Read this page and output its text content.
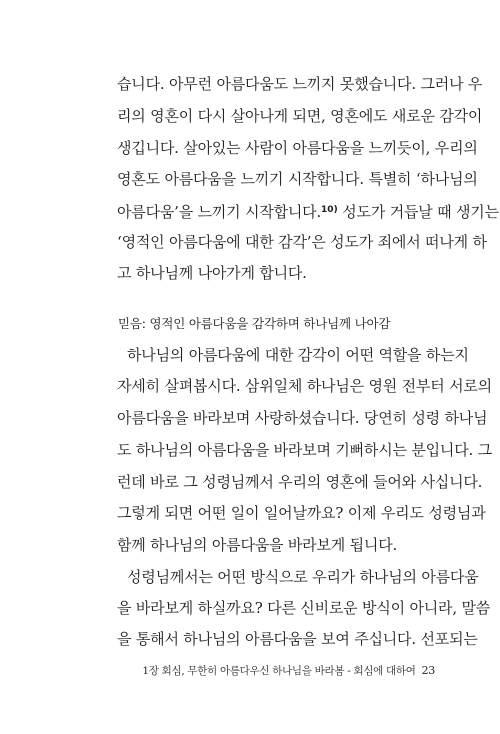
습니다. 아무런 아름다움도 느끼지 못했습니다. 그러나 우
리의 영혼이 다시 살아나게 되면, 영혼에도 새로운 감각이
생깁니다. 살아있는 사람이 아름다움을 느끼듯이, 우리의
영혼도 아름다움을 느끼기 시작합니다. 특별히 ‘하나님의
아름다움’을 느끼기 시작합니다.$^{10)}$ 성도가 거듭날 때 생기는
‘영적인 아름다움에 대한 감각’은 성도가 죄에서 떠나게 하
고 하나님께 나아가게 합니다.
믿음: 영적인 아름다움을 감각하며 하나님께 나아감
하나님의 아름다움에 대한 감각이 어떤 역할을 하는지
자세히 살펴봅시다. 삼위일체 하나님은 영원 전부터 서로의
아름다움을 바라보며 사랑하셨습니다. 당연히 성령 하나님
도 하나님의 아름다움을 바라보며 기뻐하시는 분입니다. 그
런데 바로 그 성령님께서 우리의 영혼에 들어와 사십니다.
그렇게 되면 어떤 일이 일어날까요? 이제 우리도 성령님과
함께 하나님의 아름다움을 바라보게 됩니다.
성령님께서는 어떤 방식으로 우리가 하나님의 아름다움
을 바라보게 하실까요? 다른 신비로운 방식이 아니라, 말씀
을 통해서 하나님의 아름다움을 보여 주십니다. 선포되는
1장 회심, 무한히 아름다우신 하나님을 바라봄 - 회심에 대하여 23
